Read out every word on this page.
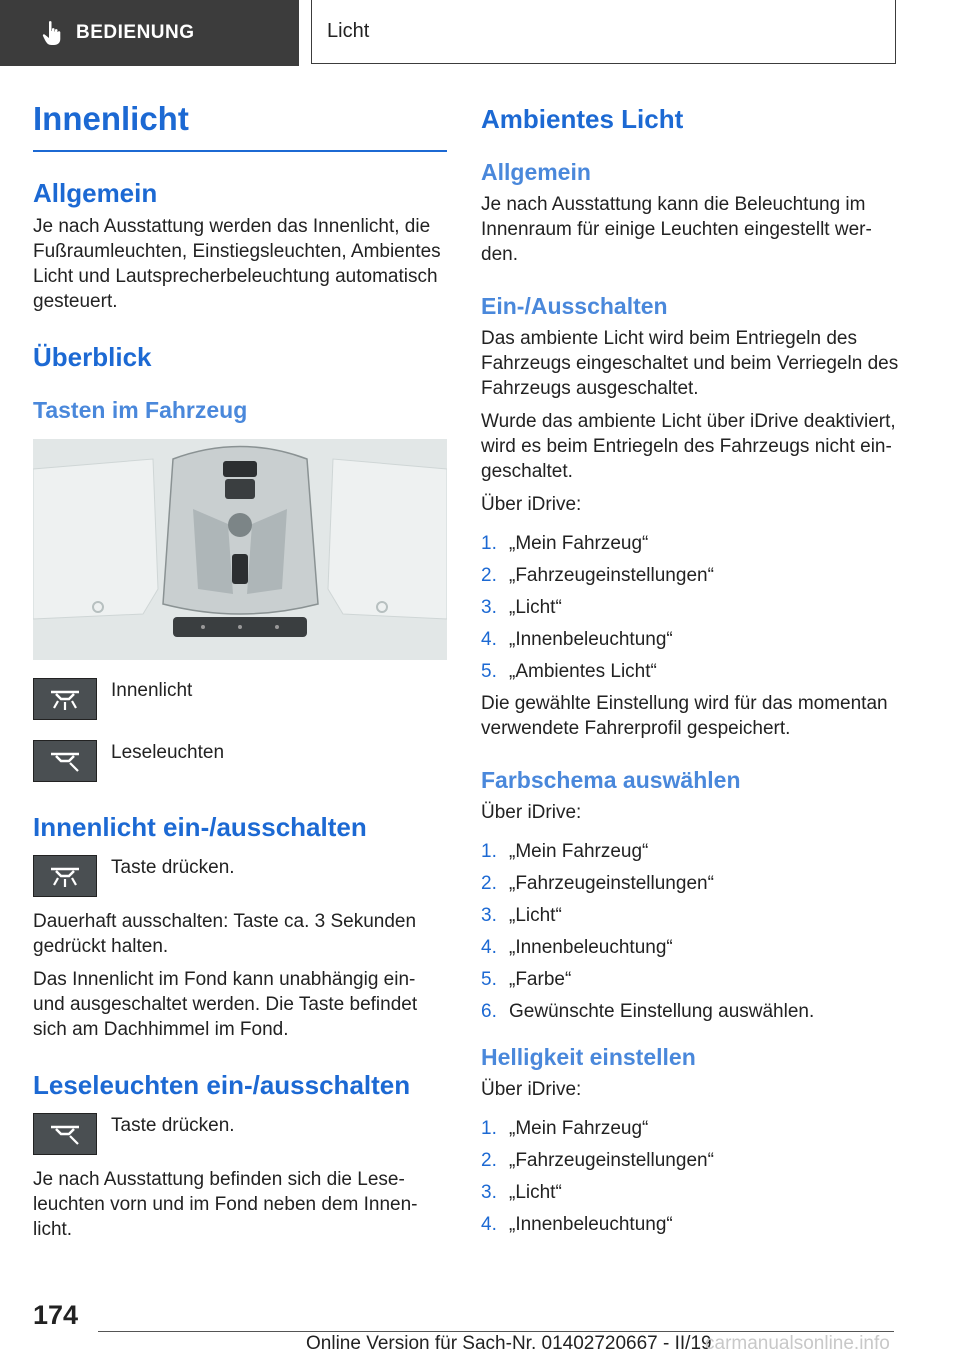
BEDIENUNG	Licht
Innenlicht
Allgemein

Je nach Ausstattung werden das Innenlicht, die Fußraumleuchten, Einstiegsleuchten, Ambientes Licht und Lautsprecherbeleuchtung automatisch gesteuert.

Überblick
Tasten im Fahrzeug

Innenlicht

Leseleuchten

Innenlicht ein-/ausschalten

Taste drücken.

Dauerhaft ausschalten: Taste ca. 3 Sekunden gedrückt halten.

Das Innenlicht im Fond kann unabhängig ein- und ausgeschaltet werden. Die Taste befindet sich am Dachhimmel im Fond.

Leseleuchten ein-/ausschalten

Taste drücken.

Je nach Ausstattung befinden sich die Lese- leuchten vorn und im Fond neben dem Innen- licht.

Ambientes Licht
Allgemein

Je nach Ausstattung kann die Beleuchtung im Innenraum für einige Leuchten eingestellt wer- den.

Ein-/Ausschalten

Das ambiente Licht wird beim Entriegeln des Fahrzeugs eingeschaltet und beim Verriegeln des Fahrzeugs ausgeschaltet.

Wurde das ambiente Licht über iDrive deaktiviert, wird es beim Entriegeln des Fahrzeugs nicht ein- geschaltet.

Über iDrive:

1. „Mein Fahrzeug“
2. „Fahrzeugeinstellungen“
3. „Licht“
4. „Innenbeleuchtung“
5. „Ambientes Licht“

Die gewählte Einstellung wird für das momentan verwendete Fahrerprofil gespeichert.

Farbschema auswählen

Über iDrive:

1. „Mein Fahrzeug“
2. „Fahrzeugeinstellungen“
3. „Licht“
4. „Innenbeleuchtung“
5. „Farbe“
6. Gewünschte Einstellung auswählen.
Helligkeit einstellen

Über iDrive:

1. „Mein Fahrzeug“
2. „Fahrzeugeinstellungen“
3. „Licht“
4. „Innenbeleuchtung“
174
Online Version für Sach-Nr. 01402720667 - II/19
carmanualsonline.info
